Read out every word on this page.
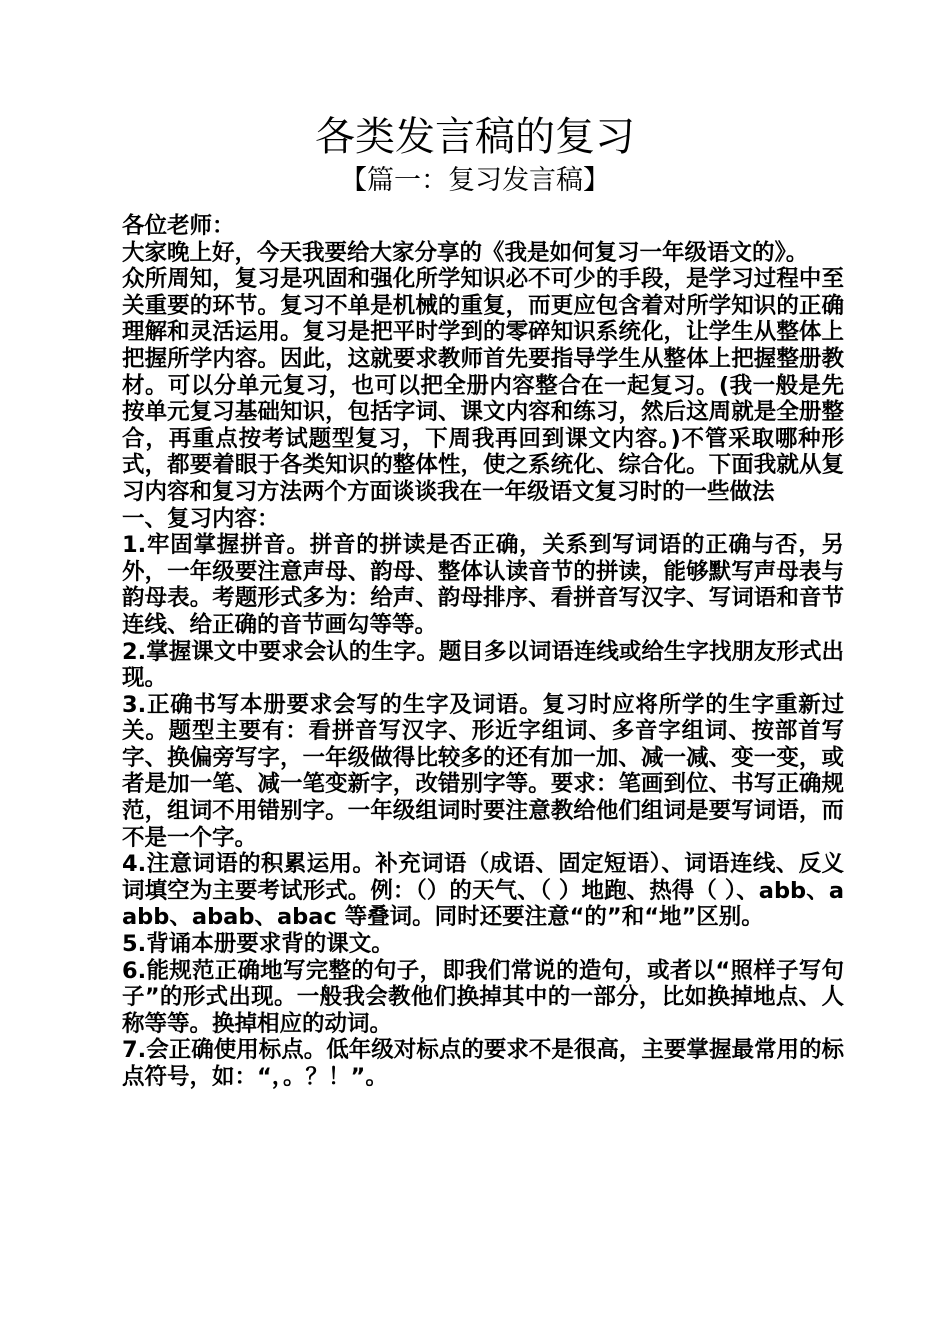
各类发言稿的复习
【篇一：复习发言稿】

各位老师：

大家晚上好，今天我要给大家分享的《我是如何复习一年级语文的》。

众所周知，复习是巩固和强化所学知识必不可少的手段，是学习过程中至关重要的环节。复习不单是机械的重复，而更应包含着对所学知识的正确理解和灵活运用。复习是把平时学到的零碎知识系统化，让学生从整体上把握所学内容。因此，这就要求教师首先要指导学生从整体上把握整册教材。可以分单元复习，也可以把全册内容整合在一起复习。(我一般是先按单元复习基础知识，包括字词、课文内容和练习，然后这周就是全册整合，再重点按考试题型复习，下周我再回到课文内容。)不管采取哪种形式，都要着眼于各类知识的整体性，使之系统化、综合化。下面我就从复习内容和复习方法两个方面谈谈我在一年级语文复习时的一些做法

一、复习内容：

1.牢固掌握拼音。拼音的拼读是否正确，关系到写词语的正确与否，另外，一年级要注意声母、韵母、整体认读音节的拼读，能够默写声母表与韵母表。考题形式多为：给声、韵母排序、看拼音写汉字、写词语和音节连线、给正确的音节画勾等等。

2.掌握课文中要求会认的生字。题目多以词语连线或给生字找朋友形式出现。

3.正确书写本册要求会写的生字及词语。复习时应将所学的生字重新过关。题型主要有：看拼音写汉字、形近字组词、多音字组词、按部首写字、换偏旁写字，一年级做得比较多的还有加一加、减一减、变一变，或者是加一笔、减一笔变新字，改错别字等。要求：笔画到位、书写正确规范，组词不用错别字。一年级组词时要注意教给他们组词是要写词语，而不是一个字。

4.注意词语的积累运用。补充词语（成语、固定短语）、词语连线、反义词填空为主要考试形式。例：（）的天气、（ ）地跑、热得（ ）、abb、aabb、abab、abac 等叠词。同时还要注意“的”和“地”区别。

5.背诵本册要求背的课文。

6.能规范正确地写完整的句子，即我们常说的造句，或者以“照样子写句子”的形式出现。一般我会教他们换掉其中的一部分，比如换掉地点、人称等等。换掉相应的动词。

7.会正确使用标点。低年级对标点的要求不是很高，主要掌握最常用的标点符号，如：“，。？！”。
